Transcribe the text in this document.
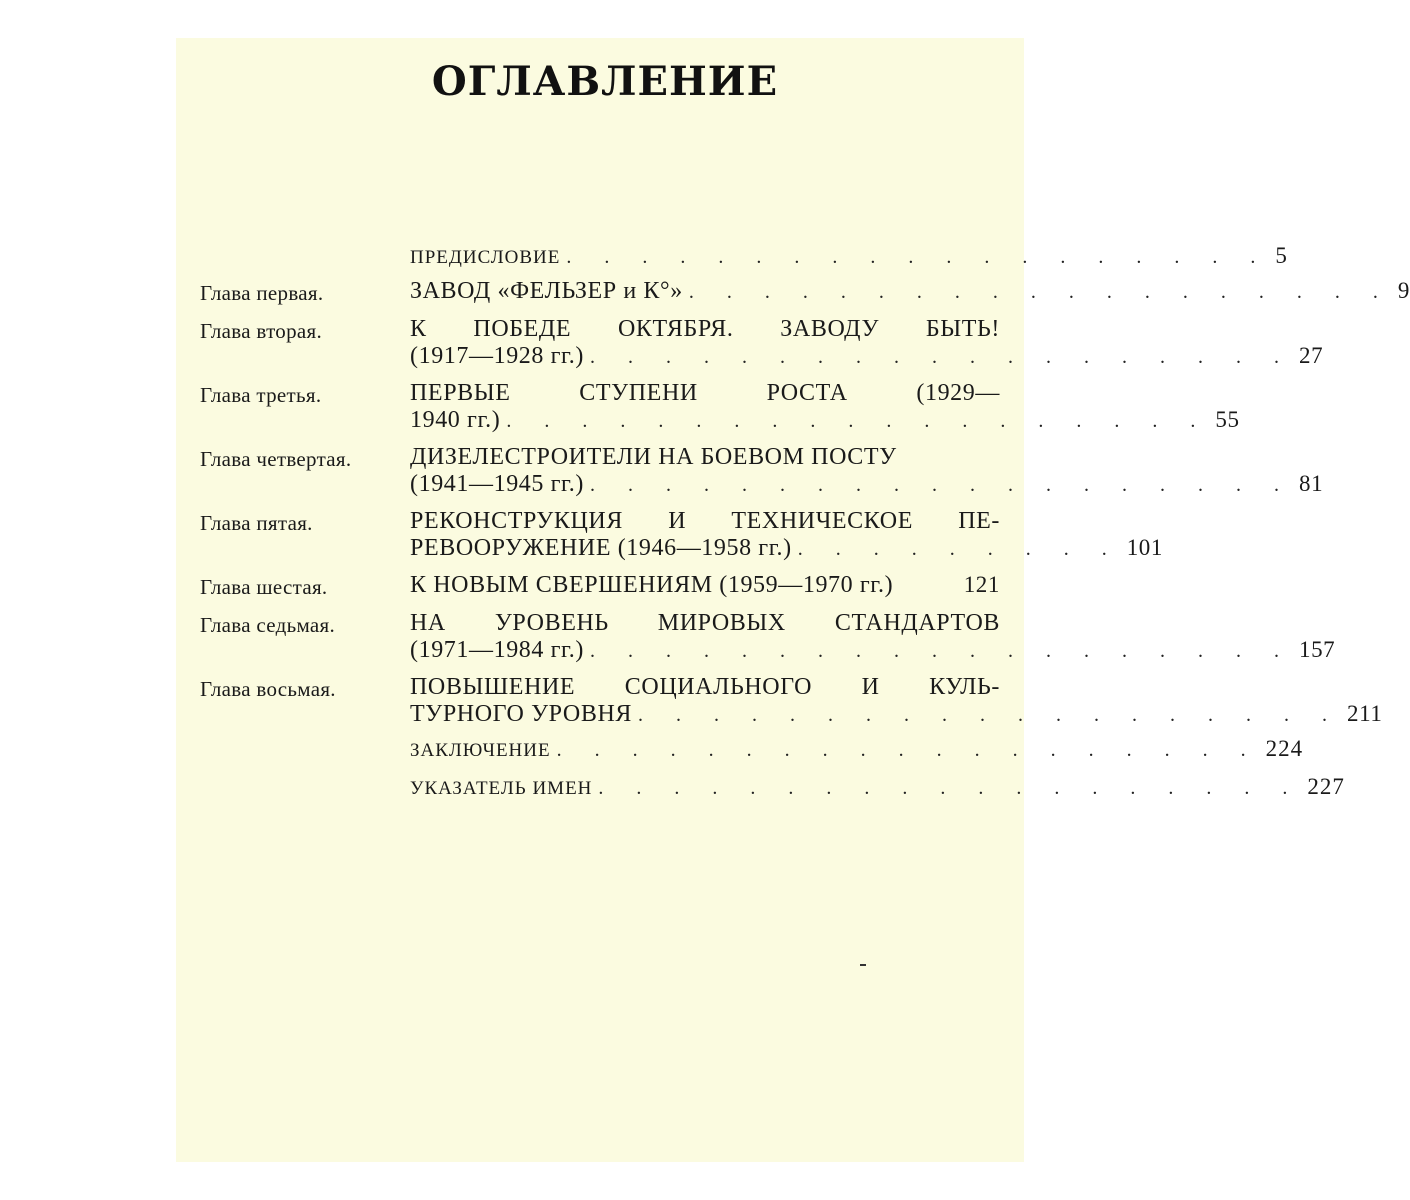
ОГЛАВЛЕНИЕ
ПРЕДИСЛОВИЕ . . . . . . . . . . . . . . . . . . . 5
Глава первая.	ЗАВОД «ФЕЛЬЗЕР и К°» . . . . . . . . . . . . . . . . . . . 9
Глава вторая.	К ПОБЕДЕ ОКТЯБРЯ. ЗАВОДУ БЫТЬ!
(1917—1928 гг.) . . . . . . . . . . . . . . . . . . . 27
Глава третья.	ПЕРВЫЕ СТУПЕНИ РОСТА (1929—
1940 гг.) . . . . . . . . . . . . . . . . . . . 55
Глава четвертая. ДИЗЕЛЕСТРОИТЕЛИ НА БОЕВОМ ПОСТУ
(1941—1945 гг.) . . . . . . . . . . . . . . . . . . . 81
Глава пятая.	РЕКОНСТРУКЦИЯ И ТЕХНИЧЕСКОЕ ПЕ-
РЕВООРУЖЕНИЕ (1946—1958 гг.) . . . . . . . . . 101
Глава шестая.	К НОВЫМ СВЕРШЕНИЯМ (1959—1970 гг.)	121
Глава седьмая.	НА УРОВЕНЬ МИРОВЫХ СТАНДАРТОВ
(1971—1984 гг.) . . . . . . . . . . . . . . . . . . . 157
Глава восьмая.	ПОВЫШЕНИЕ СОЦИАЛЬНОГО И КУЛЬ-
ТУРНОГО УРОВНЯ . . . . . . . . . . . . . . . . . . . 211
ЗАКЛЮЧЕНИЕ . . . . . . . . . . . . . . . . . . . 224
УКАЗАТЕЛЬ ИМЕН . . . . . . . . . . . . . . . . . . . 227
